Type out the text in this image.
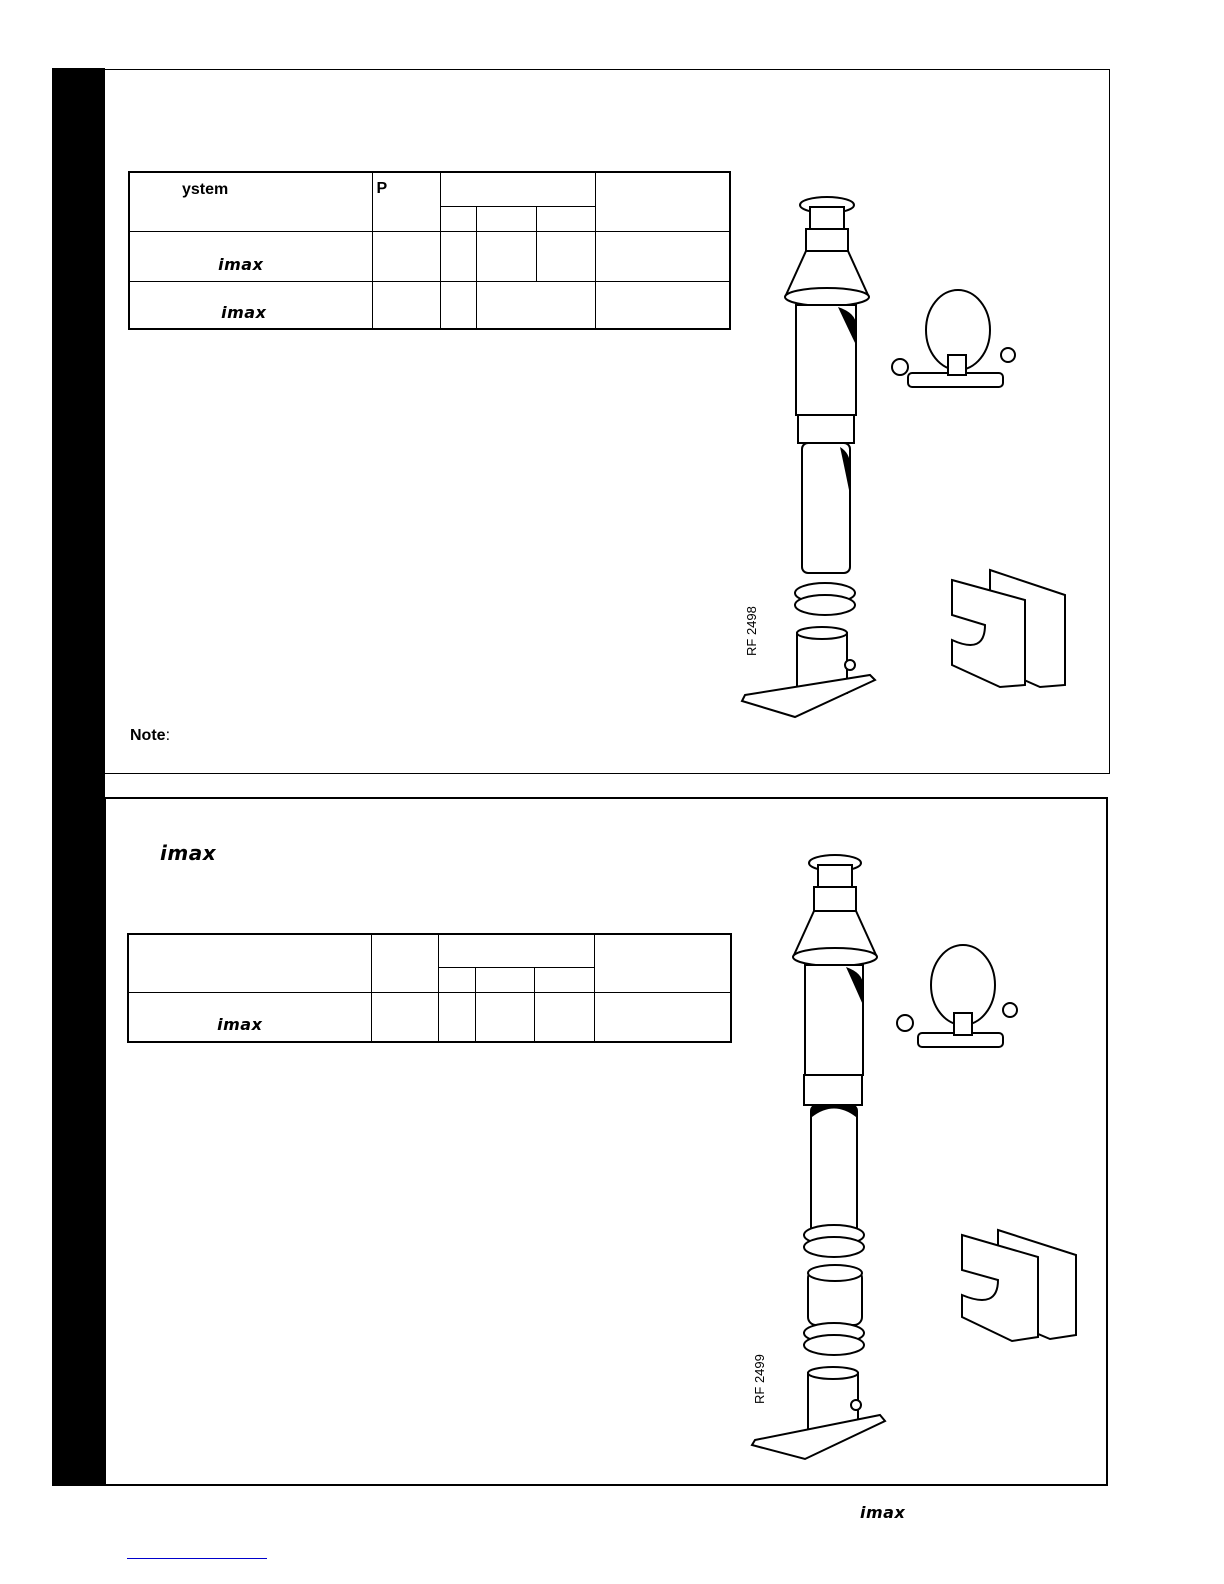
ystem	P				

imax					

imax					

Note:
RF 2498
imax

imax					

RF 2499
imax
